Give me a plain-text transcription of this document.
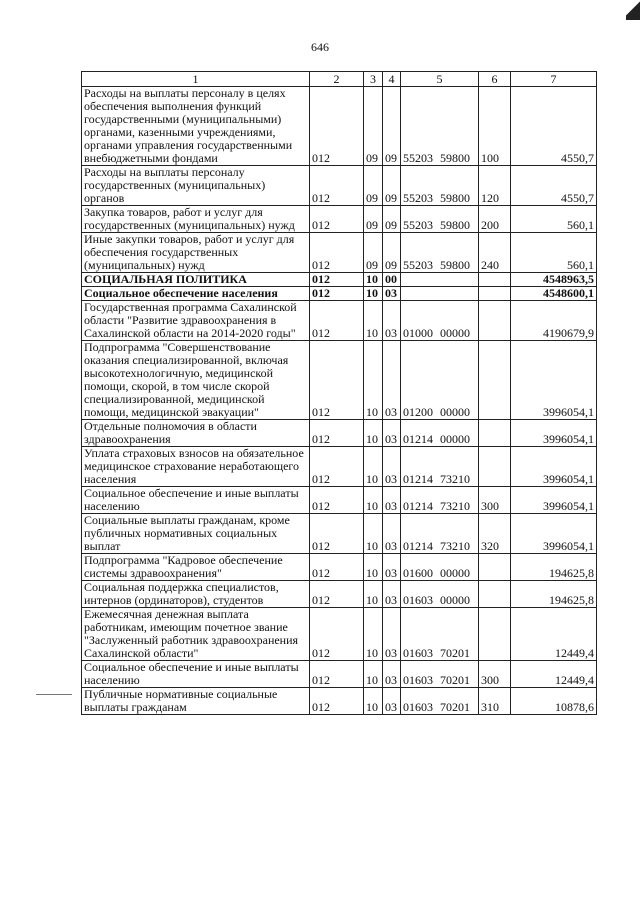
646
1	2	3	4	5	6	7
Расходы на выплаты персоналу в целях обеспечения выполнения функций государственными (муниципальными) органами, казенными учреждениями, органами управления государственными внебюджетными фондами	012	09	09	55203 59800	100	4550,7
Расходы на выплаты персоналу государственных (муниципальных) органов	012	09	09	55203 59800	120	4550,7
Закупка товаров, работ и услуг для государственных (муниципальных) нужд	012	09	09	55203 59800	200	560,1
Иные закупки товаров, работ и услуг для обеспечения государственных (муниципальных) нужд	012	09	09	55203 59800	240	560,1
СОЦИАЛЬНАЯ ПОЛИТИКА	012	10	00			4548963,5
Социальное обеспечение населения	012	10	03			4548600,1
Государственная программа Сахалинской области "Развитие здравоохранения в Сахалинской области на 2014-2020 годы"	012	10	03	01000 00000		4190679,9
Подпрограмма "Совершенствование оказания специализированной, включая высокотехнологичную, медицинской помощи, скорой, в том числе скорой специализированной, медицинской помощи, медицинской эвакуации"	012	10	03	01200 00000		3996054,1
Отдельные полномочия в области здравоохранения	012	10	03	01214 00000		3996054,1
Уплата страховых взносов на обязательное медицинское страхование неработающего населения	012	10	03	01214 73210		3996054,1
Социальное обеспечение и иные выплаты населению	012	10	03	01214 73210	300	3996054,1
Социальные выплаты гражданам, кроме публичных нормативных социальных выплат	012	10	03	01214 73210	320	3996054,1
Подпрограмма "Кадровое обеспечение системы здравоохранения"	012	10	03	01600 00000		194625,8
Социальная поддержка специалистов, интернов (ординаторов), студентов	012	10	03	01603 00000		194625,8
Ежемесячная денежная выплата работникам, имеющим почетное звание "Заслуженный работник здравоохранения Сахалинской области"	012	10	03	01603 70201		12449,4
Социальное обеспечение и иные выплаты населению	012	10	03	01603 70201	300	12449,4
Публичные нормативные социальные выплаты гражданам	012	10	03	01603 70201	310	10878,6
